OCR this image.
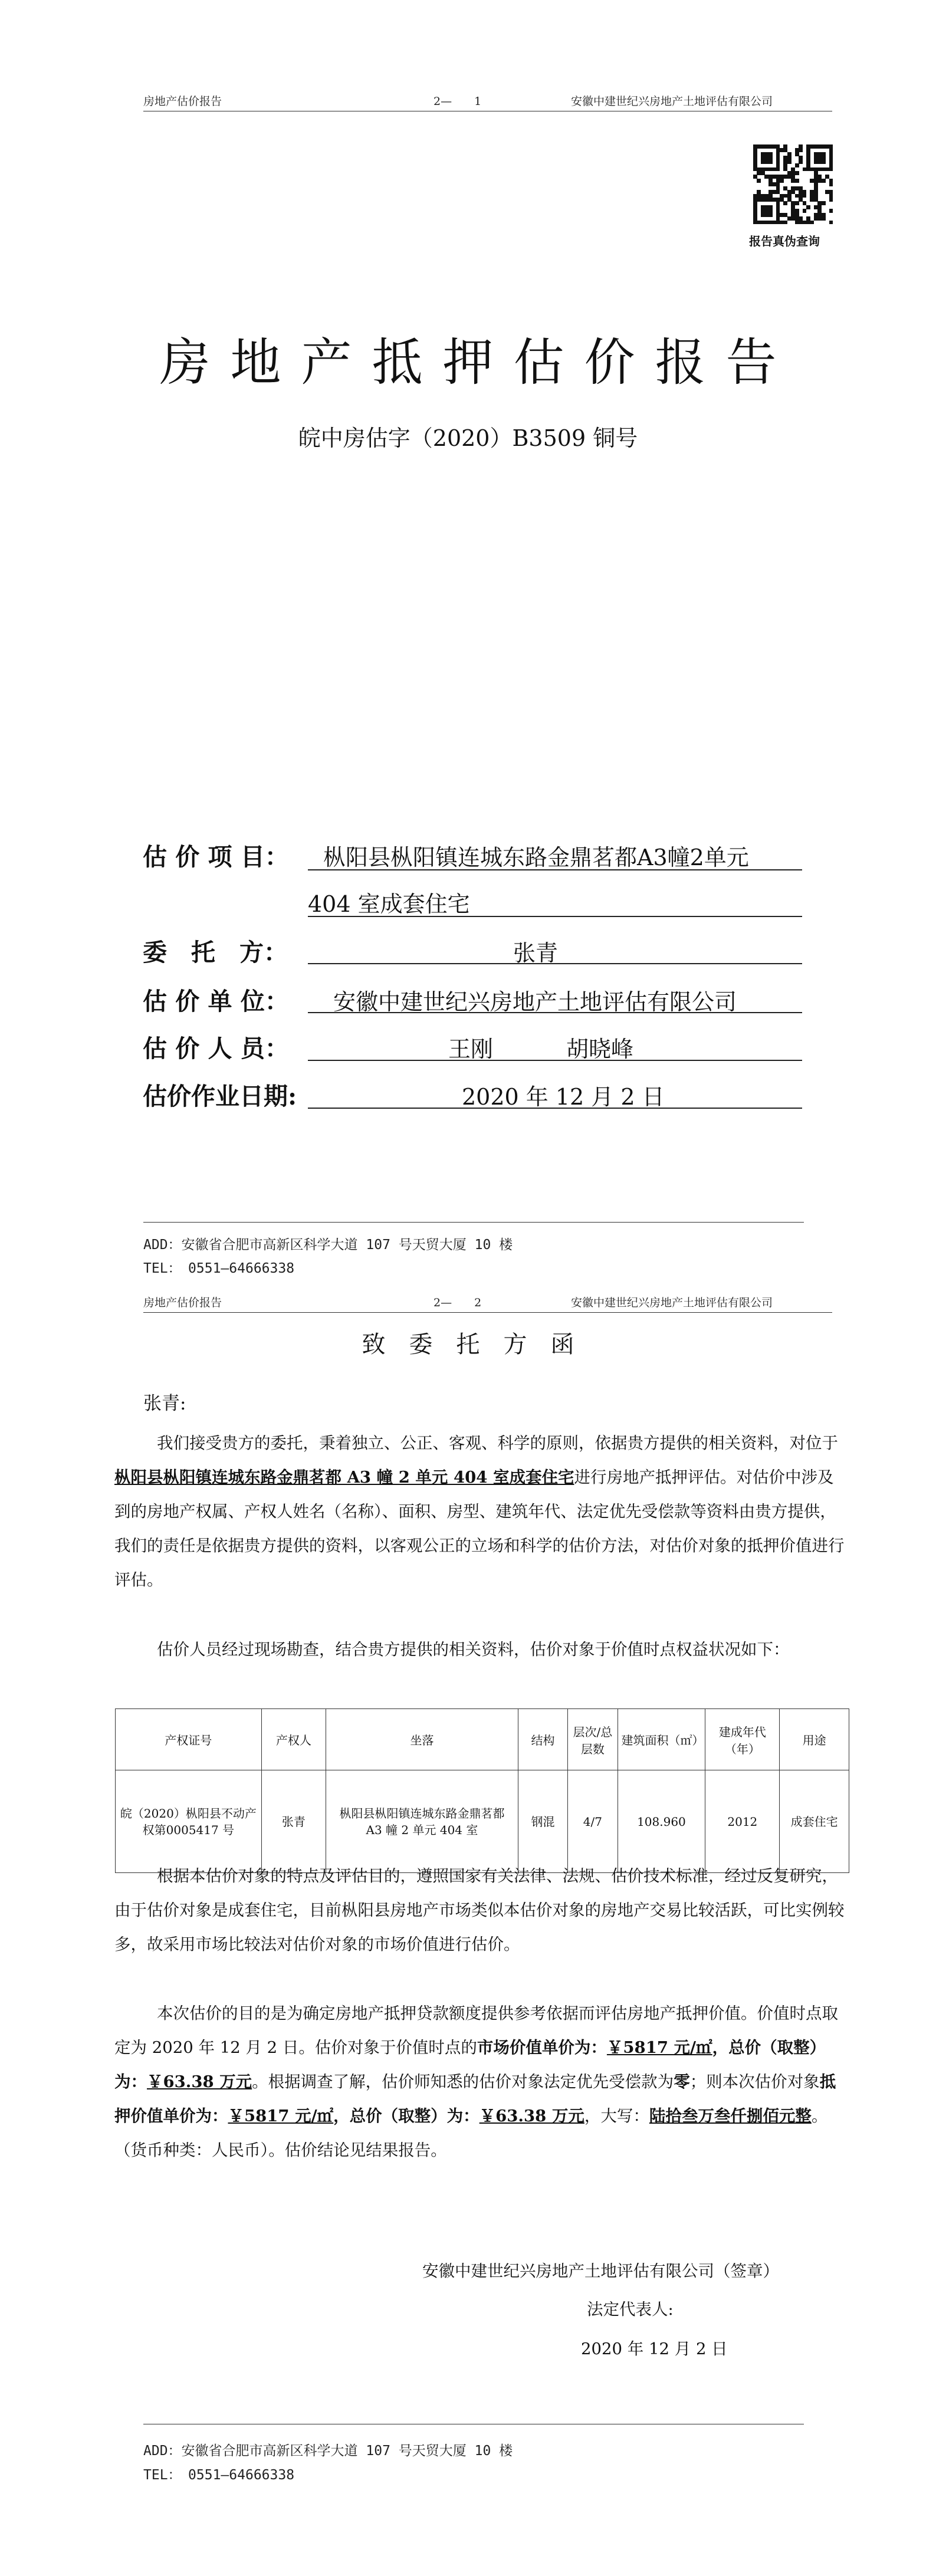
房地产估价报告	2—　　1	安徽中建世纪兴房地产土地评估有限公司
报告真伪查询
房地产抵押估价报告
皖中房估字（2020）B3509 铜号
估 价 项 目： 枞阳县枞阳镇连城东路金鼎茗都A3幢2单元
404 室成套住宅
委　托　方：	张青
估 价 单 位： 安徽中建世纪兴房地产土地评估有限公司
估 价 人 员：	王刚	胡晓峰
估价作业日期:	2020 年 12 月 2 日
ADD：安徽省合肥市高新区科学大道 107 号天贸大厦 10 楼
TEL：　0551—64666338
房地产估价报告	2—　　2	安徽中建世纪兴房地产土地评估有限公司
致　委　托　方　函
张青:
我们接受贵方的委托，秉着独立、公正、客观、科学的原则，依据贵方提供的相关资料，对位于枞阳县枞阳镇连城东路金鼎茗都 A3 幢 2 单元 404 室成套住宅进行房地产抵押评估。对估价中涉及到的房地产权属、产权人姓名（名称）、面积、房型、建筑年代、法定优先受偿款等资料由贵方提供，我们的责任是依据贵方提供的资料，以客观公正的立场和科学的估价方法，对估价对象的抵押价值进行评估。
估价人员经过现场勘查，结合贵方提供的相关资料，估价对象于价值时点权益状况如下：
产权证号	产权人	坐落	结构	层次/总层数	建筑面积（㎡）	建成年代（年）	用途
皖（2020）枞阳县不动产权第0005417 号	张青	枞阳县枞阳镇连城东路金鼎茗都 A3 幢 2 单元 404 室	钢混	4/7	108.960	2012	成套住宅
根据本估价对象的特点及评估目的，遵照国家有关法律、法规、估价技术标准，经过反复研究，由于估价对象是成套住宅，目前枞阳县房地产市场类似本估价对象的房地产交易比较活跃，可比实例较多，故采用市场比较法对估价对象的市场价值进行估价。
本次估价的目的是为确定房地产抵押贷款额度提供参考依据而评估房地产抵押价值。价值时点取定为 2020 年 12 月 2 日。估价对象于价值时点的市场价值单价为：￥5817 元/㎡，总价（取整）为：￥63.38 万元。根据调查了解，估价师知悉的估价对象法定优先受偿款为零；则本次估价对象抵押价值单价为：￥5817 元/㎡，总价（取整）为：￥63.38 万元，大写：陆拾叁万叁仟捌佰元整。（货币种类：人民币）。估价结论见结果报告。
安徽中建世纪兴房地产土地评估有限公司（签章）
法定代表人:
2020 年 12 月 2 日
ADD：安徽省合肥市高新区科学大道 107 号天贸大厦 10 楼
TEL：　0551—64666338
